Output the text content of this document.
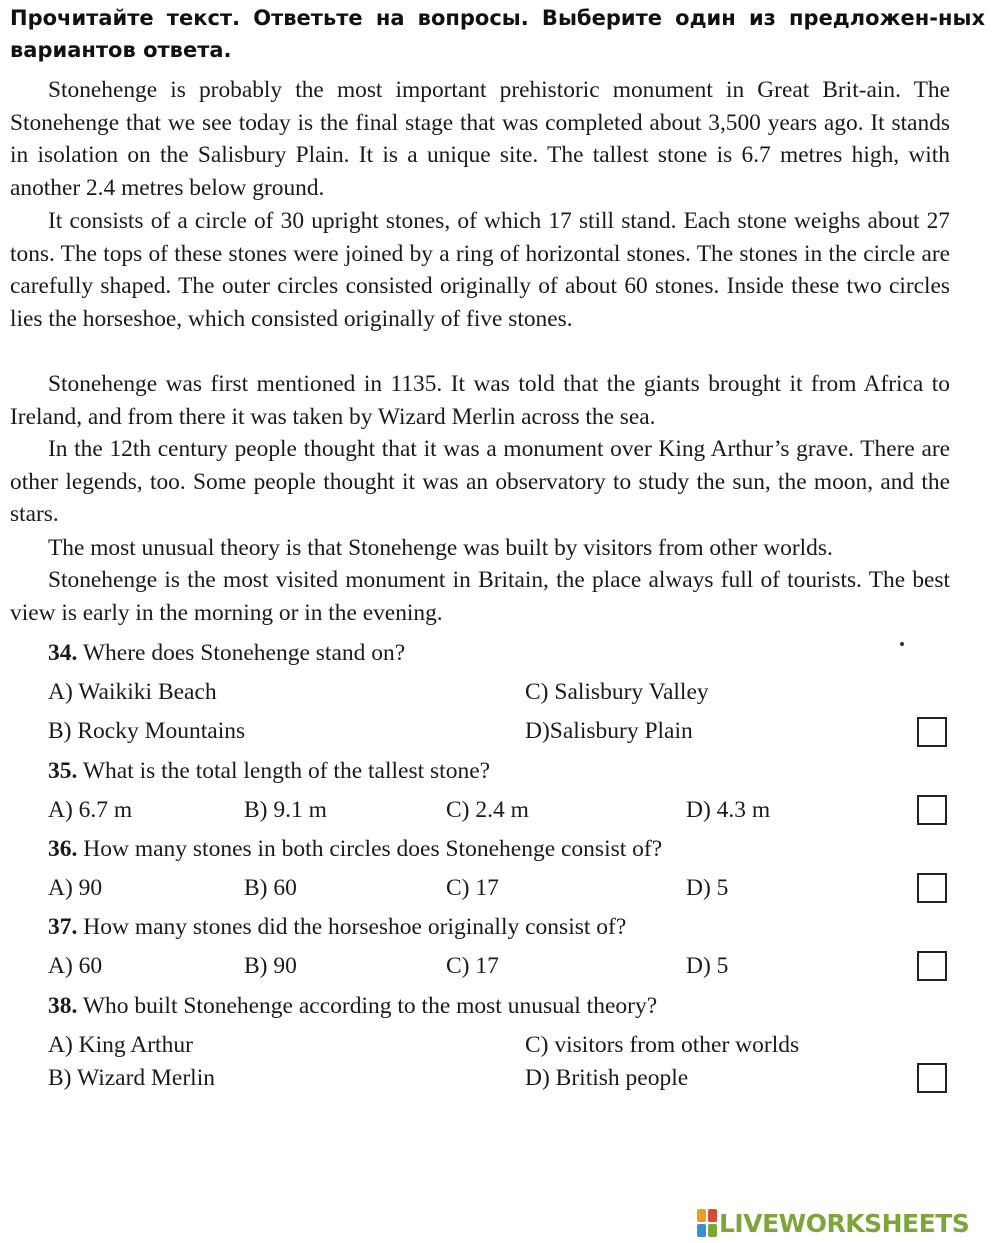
Прочитайте текст. Ответьте на вопросы. Выберите один из предложен-ных вариантов ответа.
Stonehenge is probably the most important prehistoric monument in Great Brit-ain. The Stonehenge that we see today is the final stage that was completed about 3,500 years ago. It stands in isolation on the Salisbury Plain. It is a unique site. The tallest stone is 6.7 metres high, with another 2.4 metres below ground.
It consists of a circle of 30 upright stones, of which 17 still stand. Each stone weighs about 27 tons. The tops of these stones were joined by a ring of horizontal stones. The stones in the circle are carefully shaped. The outer circles consisted originally of about 60 stones. Inside these two circles lies the horseshoe, which consisted originally of five stones.
Stonehenge was first mentioned in 1135. It was told that the giants brought it from Africa to Ireland, and from there it was taken by Wizard Merlin across the sea.
In the 12th century people thought that it was a monument over King Arthur’s grave. There are other legends, too. Some people thought it was an observatory to study the sun, the moon, and the stars.
The most unusual theory is that Stonehenge was built by visitors from other worlds.
Stonehenge is the most visited monument in Britain, the place always full of tourists. The best view is early in the morning or in the evening.
34. Where does Stonehenge stand on?
A) Waikiki Beach	C) Salisbury Valley
B) Rocky Mountains	D)Salisbury Plain
35. What is the total length of the tallest stone?
A) 6.7 m	B) 9.1 m	C) 2.4 m	D) 4.3 m
36. How many stones in both circles does Stonehenge consist of?
A) 90	B) 60	C) 17	D) 5
37. How many stones did the horseshoe originally consist of?
A) 60	B) 90	C) 17	D) 5
38. Who built Stonehenge according to the most unusual theory?
A) King Arthur	C) visitors from other worlds
B) Wizard Merlin	D) British people
LIVEWORKSHEETS
